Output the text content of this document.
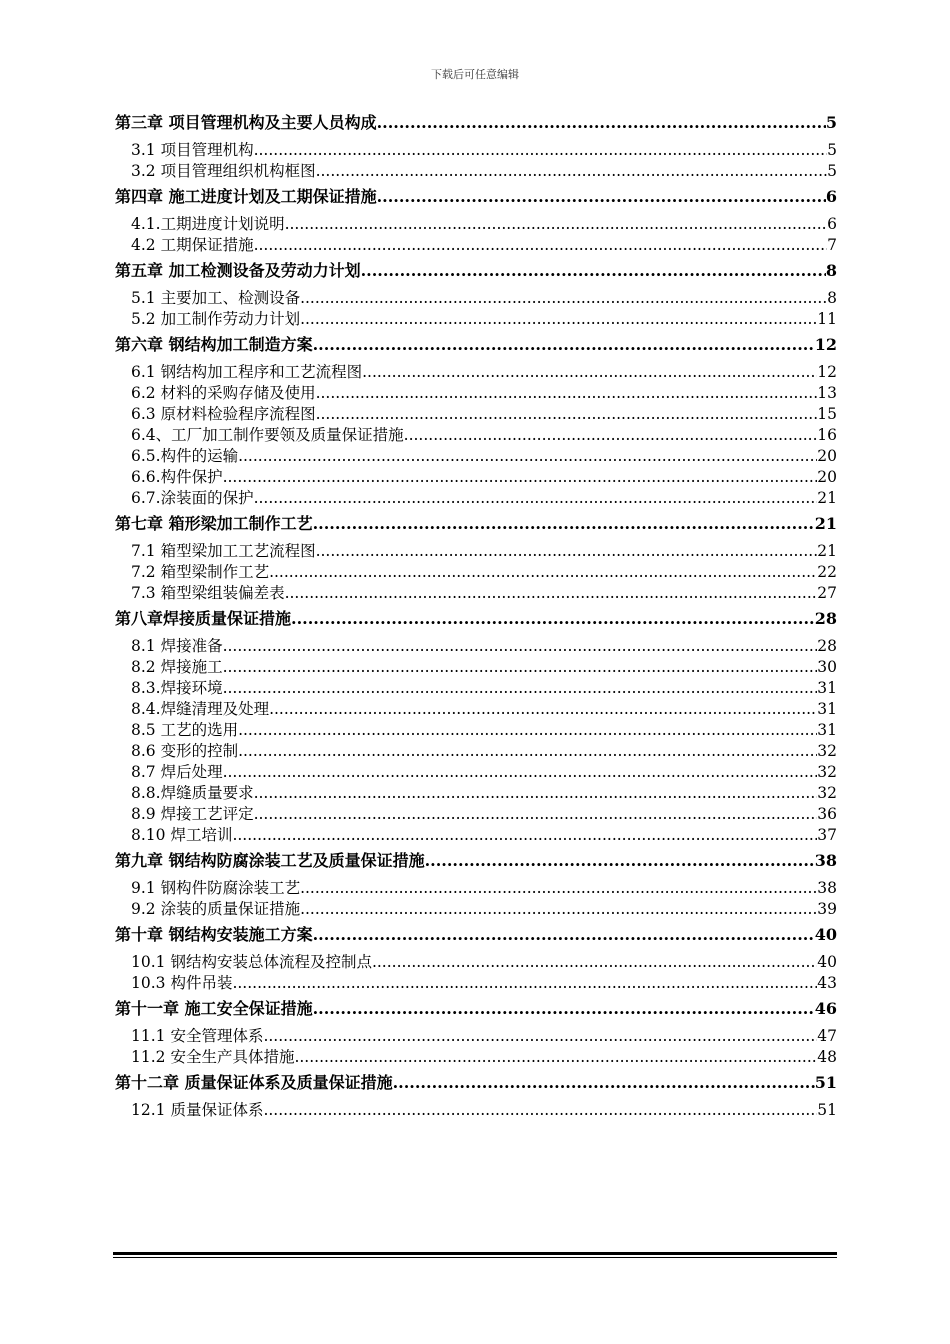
下载后可任意编辑
第三章 项目管理机构及主要人员构成 .....	5
3.1 项目管理机构 .....	5
3.2 项目管理组织机构框图 .....	5
第四章 施工进度计划及工期保证措施 .....	6
4.1.工期进度计划说明 .....	6
4.2 工期保证措施 .....	7
第五章 加工检测设备及劳动力计划 .....	8
5.1 主要加工、检测设备 .....	8
5.2 加工制作劳动力计划 .....	11
第六章 钢结构加工制造方案 .....	12
6.1 钢结构加工程序和工艺流程图 .....	12
6.2 材料的采购存储及使用 .....	13
6.3 原材料检验程序流程图 .....	15
6.4、工厂加工制作要领及质量保证措施 .....	16
6.5.构件的运输 .....	20
6.6.构件保护 .....	20
6.7.涂装面的保护 .....	21
第七章 箱形梁加工制作工艺 .....	21
7.1 箱型梁加工工艺流程图 .....	21
7.2 箱型梁制作工艺 .....	22
7.3 箱型梁组装偏差表 .....	27
第八章焊接质量保证措施 .....	28
8.1 焊接准备 .....	28
8.2 焊接施工 .....	30
8.3.焊接环境 .....	31
8.4.焊缝清理及处理 .....	31
8.5 工艺的选用 .....	31
8.6 变形的控制 .....	32
8.7 焊后处理 .....	32
8.8.焊缝质量要求 .....	32
8.9 焊接工艺评定 .....	36
8.10 焊工培训 .....	37
第九章 钢结构防腐涂装工艺及质量保证措施 .....	38
9.1 钢构件防腐涂装工艺 .....	38
9.2 涂装的质量保证措施 .....	39
第十章 钢结构安装施工方案 .....	40
10.1 钢结构安装总体流程及控制点 .....	40
10.3 构件吊装 .....	43
第十一章 施工安全保证措施 .....	46
11.1 安全管理体系 .....	47
11.2 安全生产具体措施 .....	48
第十二章 质量保证体系及质量保证措施 .....	51
12.1 质量保证体系 .....	51
